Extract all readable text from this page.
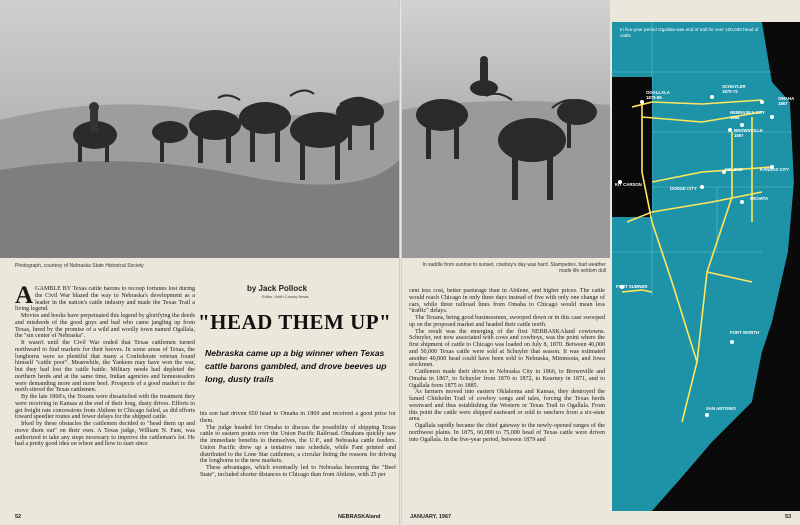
Photograph, courtesy of Nebraska State Historical Society	In saddle from sunrise to sunset, cowboy's day was hard. Stampedes, bad weather made life seldom dull
by Jack Pollock
Editor, Keith County News
"HEAD THEM UP"
Nebraska came up a big winner when Texas cattle barons gambled, and drove beeves up long, dusty trails

AGAMBLE BY Texas cattle barons to recoup fortunes lost during the Civil War blazed the way to Nebraska's development as a leader in the nation's cattle industry and made the Texas Trail a living legend.

Movies and books have perpetuated this legend by glorifying the deeds and misdeeds of the good guys and bad who came jangling up from Texas, lured by the promise of a wild and woolly town named Ogallala, the "sin center of Nebraska".

It wasn't until the Civil War ended that Texas cattlemen turned northward to find markets for their beeves. In some areas of Texas, the longhorns were so plentiful that many a Confederate veteran found himself "cattle poor". Meanwhile, the Yankees may have won the war, but they had lost the cattle battle. Military needs had depleted the northern herds and at the same time, Indian agencies and homesteaders were demanding more and more beef. Prospects of a good market to the north stirred the Texas cattlemen.

By the late 1860's, the Texans were dissatisfied with the treatment they were receiving in Kansas at the end of their long, dusty drives. Efforts to get freight rate concessions from Abilene to Chicago failed, as did efforts toward speedier routes and fewer delays for the shipped cattle.

Irked by these obstacles the cattlemen decided to "head them up and move them out" on their own. A Texas judge, William N. Fant, was authorized to take any steps necessary to improve the cattleman's lot. He had a pretty good idea on where and how to start since

his son had driven 650 head to Omaha in 1869 and received a good price for them.

The judge headed for Omaha to discuss the possibility of shipping Texas cattle to eastern points over the Union Pacific Railroad. Omahans quickly saw the immediate benefits to themselves, the U.P., and Nebraska cattle feeders. Union Pacific drew up a tentative rate schedule, while Fant printed and distributed to the Lone Star cattlemen, a circular listing the reasons for driving the longhorns to the new markets.

These advantages, which eventually led to Nebraska becoming the "Beef State", included shorter distances to Chicago than from Abilene, with 25 per

cent less cost, better pasturage than in Abilene, and higher prices. The cattle would reach Chicago in only three days instead of five with only one change of cars, while three railroad lines from Omaha to Chicago would mean less "traffic" delays.

The Texans, being good businessmen, swooped down or in this case swooped up on the proposed market and headed their cattle north.

The result was the emerging of the first NEBRASKAland cowtowns. Schuyler, not now associated with cows and cowboys, was the point where the first shipment of cattle to Chicago was loaded on July 8, 1870. Between 40,000 and 50,000 Texas cattle were sold at Schuyler that season. It was estimated another 40,000 head could have been sold to Nebraska, Minnesota, and Iowa stockmen.

Cattlemen made their drives to Nebraska City in 1866, to Brownville and Omaha in 1867, to Schuyler from 1870 to 1872, to Kearney in 1871, and to Ogallala from 1875 to 1885.

As farmers moved into eastern Oklahoma and Kansas, they destroyed the famed Chisholm Trail of cowboy songs and tales, forcing the Texas herds westward and thus establishing the Western or Texas Trail to Ogallala. From this point the cattle were shipped eastward or sold to ranchers from a six-state area.

Ogallala rapidly became the chief gateway to the newly-opened ranges of the northwest plains. In 1875, 60,000 to 75,000 head of Texas cattle were driven into Ogallala. In the five-year period, between 1879 and

52	NEBRASKAland	JANUARY, 1967	53
In five-year period Ogallala was end of trail for over 100,000 head of cattle
OGALLALA
1875-85
SCHUYLER
1870-72
NEBRASKA CITY
1866
BROWNVILLE
1867
OMAHA
1867
ABILENE	KANSAS CITY
KIT CARSON
DODGE CITY
WICHITA
FORT SUMNER
FORT WORTH
SAN ANTONIO
